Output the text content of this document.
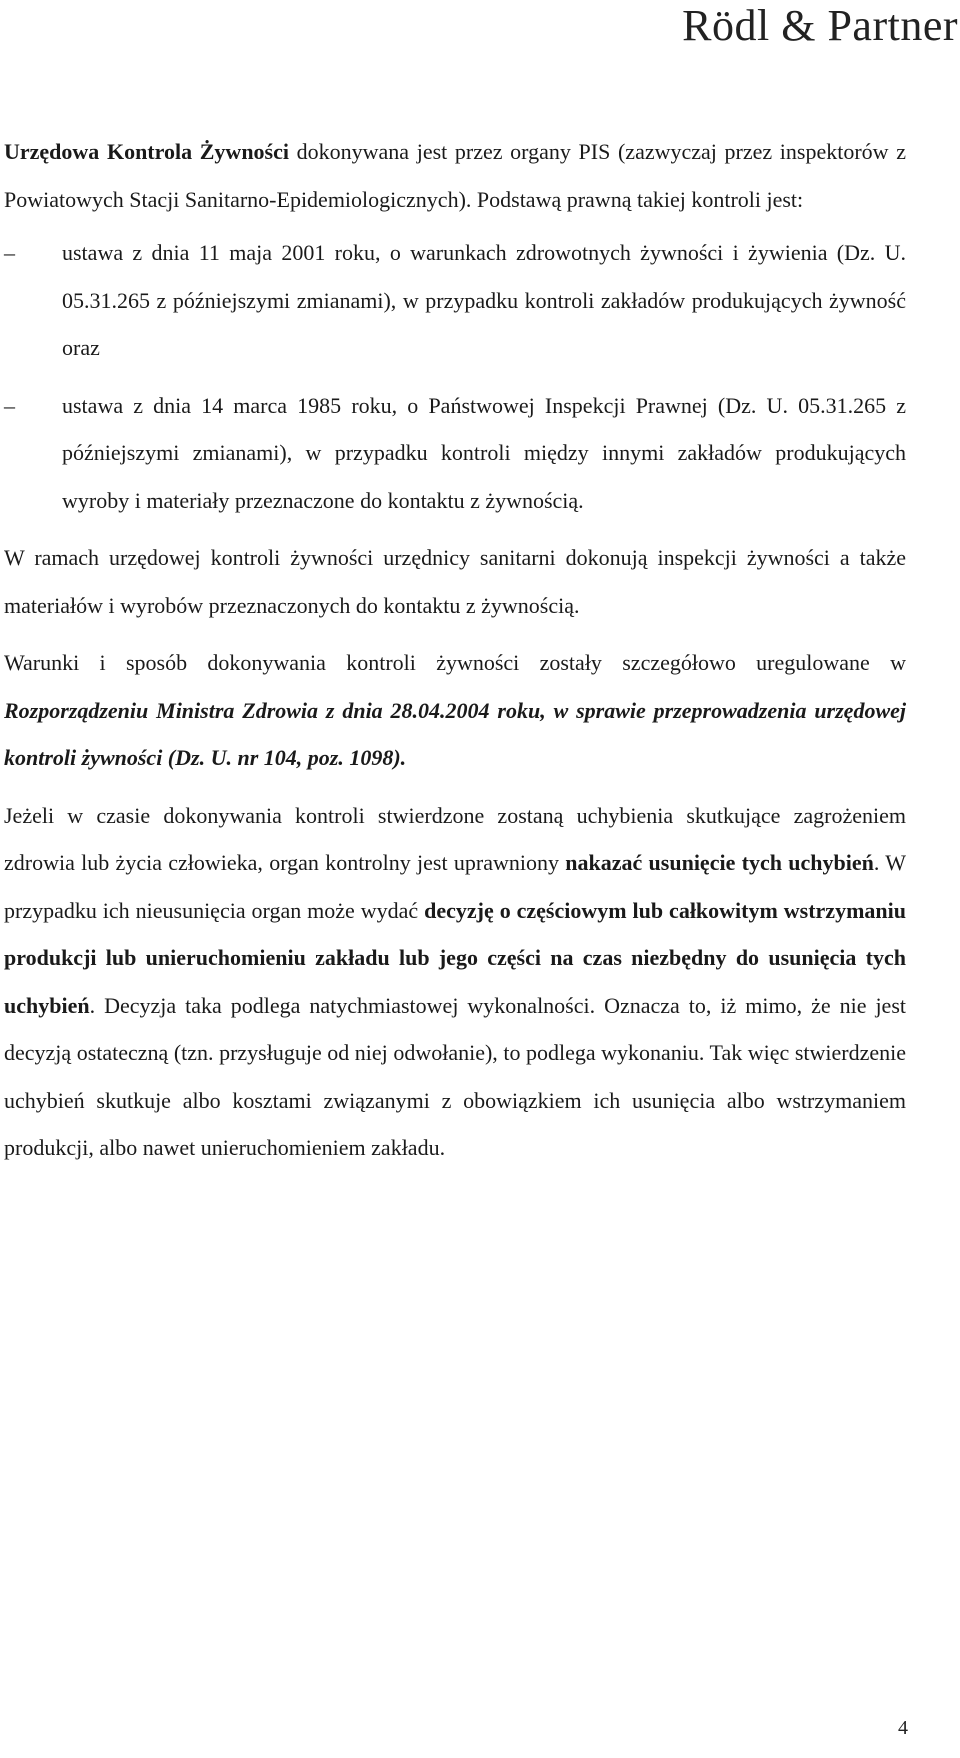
Rödl & Partner

Urzędowa Kontrola Żywności dokonywana jest przez organy PIS (zazwyczaj przez inspektorów z Powiatowych Stacji Sanitarno-Epidemiologicznych). Podstawą prawną takiej kontroli jest:

–	ustawa z dnia 11 maja 2001 roku, o warunkach zdrowotnych żywności i żywienia (Dz. U. 05.31.265 z późniejszymi zmianami), w przypadku kontroli zakładów produkujących żywność oraz
–	ustawa z dnia 14 marca 1985 roku, o Państwowej Inspekcji Prawnej (Dz. U. 05.31.265 z późniejszymi zmianami), w przypadku kontroli między innymi zakładów produkujących wyroby i materiały przeznaczone do kontaktu z żywnością.

W ramach urzędowej kontroli żywności urzędnicy sanitarni dokonują inspekcji żywności a także materiałów i wyrobów przeznaczonych do kontaktu z żywnością.

Warunki i sposób dokonywania kontroli żywności zostały szczegółowo uregulowane w Rozporządzeniu Ministra Zdrowia z dnia 28.04.2004 roku, w sprawie przeprowadzenia urzędowej kontroli żywności (Dz. U. nr 104, poz. 1098).

Jeżeli w czasie dokonywania kontroli stwierdzone zostaną uchybienia skutkujące zagrożeniem zdrowia lub życia człowieka, organ kontrolny jest uprawniony nakazać usunięcie tych uchybień. W przypadku ich nieusunięcia organ może wydać decyzję o częściowym lub całkowitym wstrzymaniu produkcji lub unieruchomieniu zakładu lub jego części na czas niezbędny do usunięcia tych uchybień. Decyzja taka podlega natychmiastowej wykonalności. Oznacza to, iż mimo, że nie jest decyzją ostateczną (tzn. przysługuje od niej odwołanie), to podlega wykonaniu. Tak więc stwierdzenie uchybień skutkuje albo kosztami związanymi z obowiązkiem ich usunięcia albo wstrzymaniem produkcji, albo nawet unieruchomieniem zakładu.

4
